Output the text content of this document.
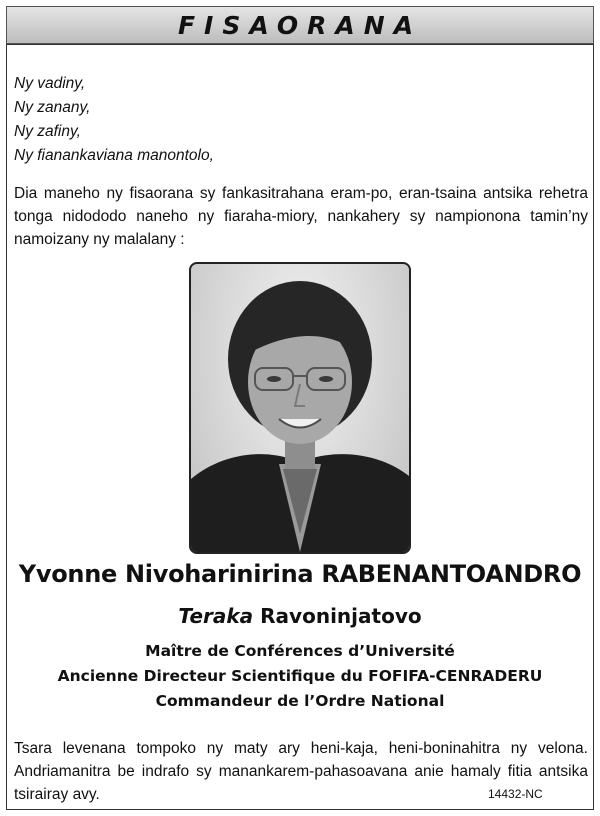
FISAORANA
Ny vadiny,
Ny zanany,
Ny zafiny,
Ny fianankaviana manontolo,
Dia maneho ny fisaorana sy fankasitrahana eram-po, eran-tsaina antsika rehetra tonga nidododo naneho ny fiaraha-miory, nankahery sy nampionona tamin’ny namoizany ny malalany :
Yvonne Nivoharinirina RABENANTOANDRO
Teraka Ravoninjatovo
Maître de Conférences d’Université
Ancienne Directeur Scientifique du FOFIFA-CENRADERU
Commandeur de l’Ordre National
Tsara levenana tompoko ny maty ary heni-kaja, heni-boninahitra ny velona. Andriamanitra be indrafo sy manankarem-pahasoavana anie hamaly fitia antsika tsirairay avy.	14432-NC
